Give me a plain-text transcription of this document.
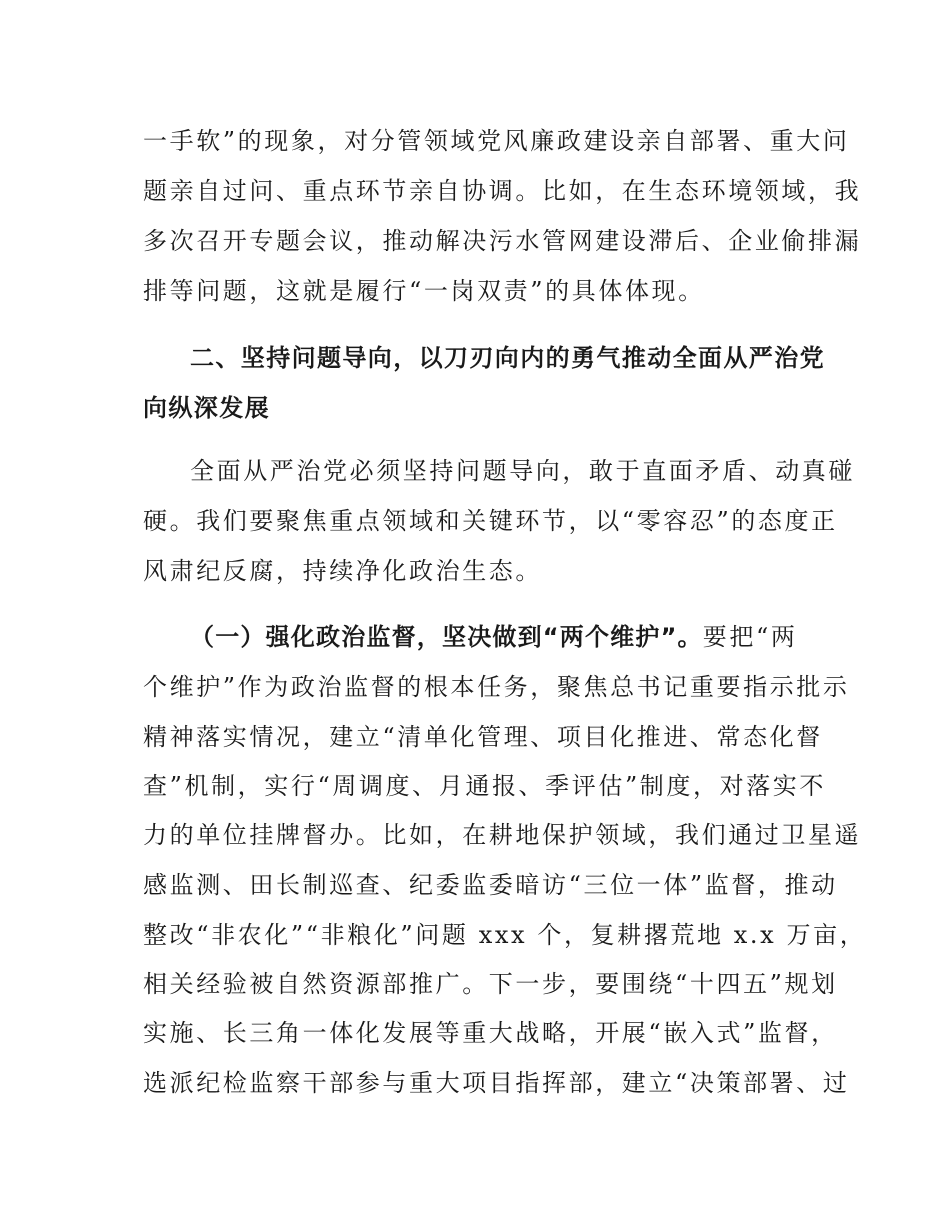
一手软”的现象，对分管领域党风廉政建设亲自部署、重大问
题亲自过问、重点环节亲自协调。比如，在生态环境领域，我
多次召开专题会议，推动解决污水管网建设滞后、企业偷排漏
排等问题，这就是履行“一岗双责”的具体体现。
二、坚持问题导向，以刀刃向内的勇气推动全面从严治党
向纵深发展
全面从严治党必须坚持问题导向，敢于直面矛盾、动真碰
硬。我们要聚焦重点领域和关键环节，以“零容忍”的态度正
风肃纪反腐，持续净化政治生态。
（一）强化政治监督，坚决做到“两个维护”。要把“两
个维护”作为政治监督的根本任务，聚焦总书记重要指示批示
精神落实情况，建立“清单化管理、项目化推进、常态化督
查”机制，实行“周调度、月通报、季评估”制度，对落实不
力的单位挂牌督办。比如，在耕地保护领域，我们通过卫星遥
感监测、田长制巡查、纪委监委暗访“三位一体”监督，推动
整改“非农化”“非粮化”问题 xxx 个，复耕撂荒地 x.x 万亩，
相关经验被自然资源部推广。下一步，要围绕“十四五”规划
实施、长三角一体化发展等重大战略，开展“嵌入式”监督，
选派纪检监察干部参与重大项目指挥部，建立“决策部署、过
